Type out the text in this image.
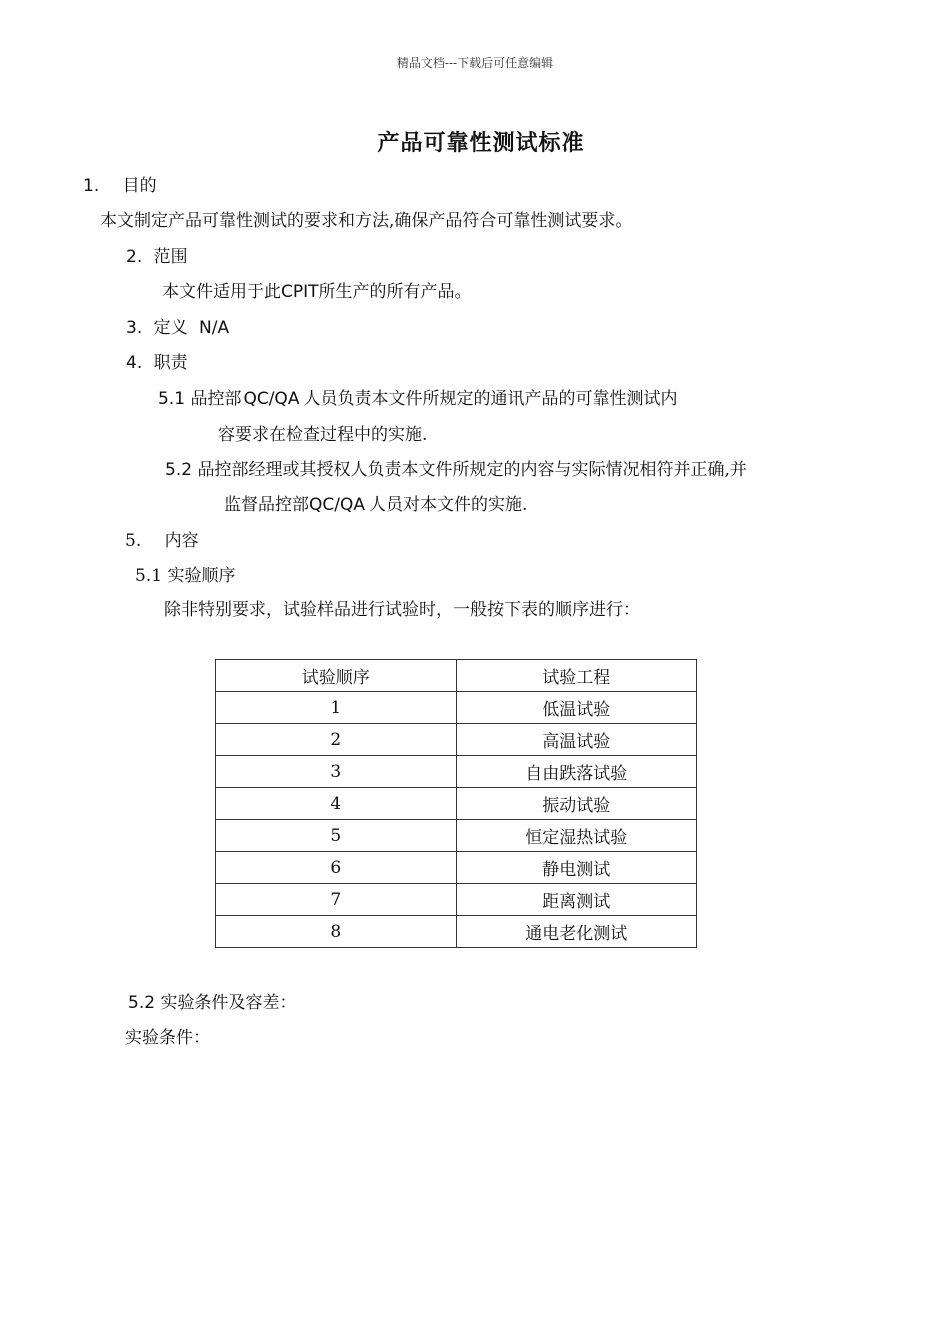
精品文档---下载后可任意编辑
产品可靠性测试标准
1. 目的
本文制定产品可靠性测试的要求和方法,确保产品符合可靠性测试要求。
2. 范围
本文件适用于此CPIT所生产的所有产品。
3. 定义 N/A
4. 职责
5.1 品控部 QC/QA 人员负责本文件所规定的通讯产品的可靠性测试内
容要求在检查过程中的实施.
5.2 品控部经理或其授权人负责本文件所规定的内容与实际情况相符并正确,并
监督品控部QC/QA 人员对本文件的实施.
5. 内容
5.1 实验顺序
除非特别要求，试验样品进行试验时，一般按下表的顺序进行：
试验顺序	试验工程
1	低温试验
2	高温试验
3	自由跌落试验
4	振动试验
5	恒定湿热试验
6	静电测试
7	距离测试
8	通电老化测试
5.2 实验条件及容差：
实验条件：
